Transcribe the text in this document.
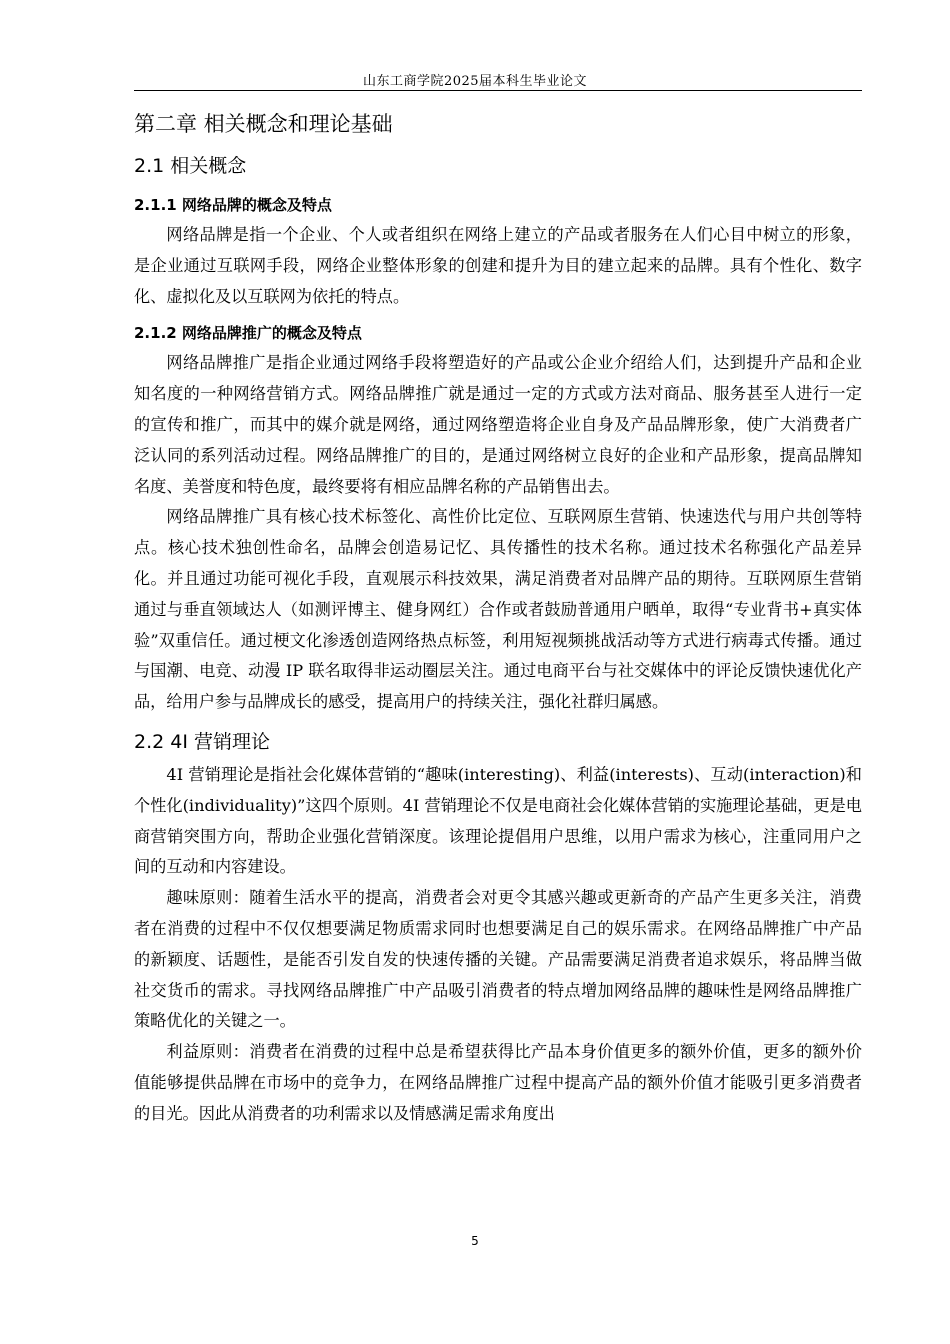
山东工商学院2025届本科生毕业论文
第二章 相关概念和理论基础
2.1 相关概念
2.1.1 网络品牌的概念及特点

网络品牌是指一个企业、个人或者组织在网络上建立的产品或者服务在人们心目中树立的形象，是企业通过互联网手段，网络企业整体形象的创建和提升为目的建立起来的品牌。具有个性化、数字化、虚拟化及以互联网为依托的特点。

2.1.2 网络品牌推广的概念及特点

网络品牌推广是指企业通过网络手段将塑造好的产品或公企业介绍给人们，达到提升产品和企业知名度的一种网络营销方式。网络品牌推广就是通过一定的方式或方法对商品、服务甚至人进行一定的宣传和推广，而其中的媒介就是网络，通过网络塑造将企业自身及产品品牌形象，使广大消费者广泛认同的系列活动过程。网络品牌推广的目的，是通过网络树立良好的企业和产品形象，提高品牌知名度、美誉度和特色度，最终要将有相应品牌名称的产品销售出去。

网络品牌推广具有核心技术标签化、高性价比定位、互联网原生营销、快速迭代与用户共创等特点。核心技术独创性命名，品牌会创造易记忆、具传播性的技术名称。通过技术名称强化产品差异化。并且通过功能可视化手段，直观展示科技效果，满足消费者对品牌产品的期待。互联网原生营销通过与垂直领域达人（如测评博主、健身网红）合作或者鼓励普通用户晒单，取得“专业背书+真实体验”双重信任。通过梗文化渗透创造网络热点标签，利用短视频挑战活动等方式进行病毒式传播。通过与国潮、电竞、动漫 IP 联名取得非运动圈层关注。通过电商平台与社交媒体中的评论反馈快速优化产品，给用户参与品牌成长的感受，提高用户的持续关注，强化社群归属感。

2.2 4I 营销理论

4I 营销理论是指社会化媒体营销的“趣味(interesting)、利益(interests)、互动(interaction)和个性化(individuality)”这四个原则。4I 营销理论不仅是电商社会化媒体营销的实施理论基础，更是电商营销突围方向，帮助企业强化营销深度。该理论提倡用户思维，以用户需求为核心，注重同用户之间的互动和内容建设。

趣味原则：随着生活水平的提高，消费者会对更令其感兴趣或更新奇的产品产生更多关注，消费者在消费的过程中不仅仅想要满足物质需求同时也想要满足自己的娱乐需求。在网络品牌推广中产品的新颖度、话题性，是能否引发自发的快速传播的关键。产品需要满足消费者追求娱乐，将品牌当做社交货币的需求。寻找网络品牌推广中产品吸引消费者的特点增加网络品牌的趣味性是网络品牌推广策略优化的关键之一。

利益原则：消费者在消费的过程中总是希望获得比产品本身价值更多的额外价值，更多的额外价值能够提供品牌在市场中的竞争力，在网络品牌推广过程中提高产品的额外价值才能吸引更多消费者的目光。因此从消费者的功利需求以及情感满足需求角度出

5
